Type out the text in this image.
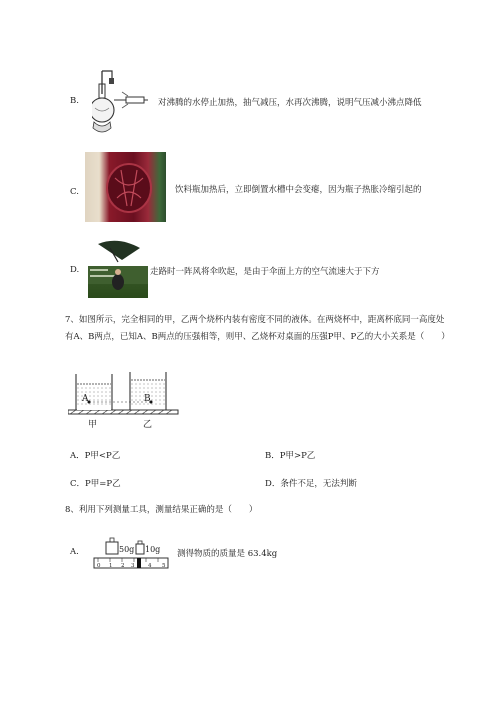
B.	对沸腾的水停止加热，抽气减压，水再次沸腾，说明气压减小沸点降低
C.	饮料瓶加热后，立即倒置水槽中会变瘪，因为瓶子热胀冷缩引起的
D.	走路时一阵风将伞吹起，是由于伞面上方的空气流速大于下方
7、如图所示，完全相同的甲，乙两个烧杯内装有密度不同的液体。在两烧杯中，距离杯底同一高度处
有A、B两点，已知A、B两点的压强相等，则甲、乙烧杯对桌面的压强P甲、P乙的大小关系是（　　）
A	B
甲	乙
A．P甲<P乙	B．P甲>P乙
C．P甲=P乙	D．条件不足，无法判断
8、利用下列测量工具，测量结果正确的是（　　）
A.	50g 10g
0 1 2 3 4 5
测得物质的质量是 63.4kg
